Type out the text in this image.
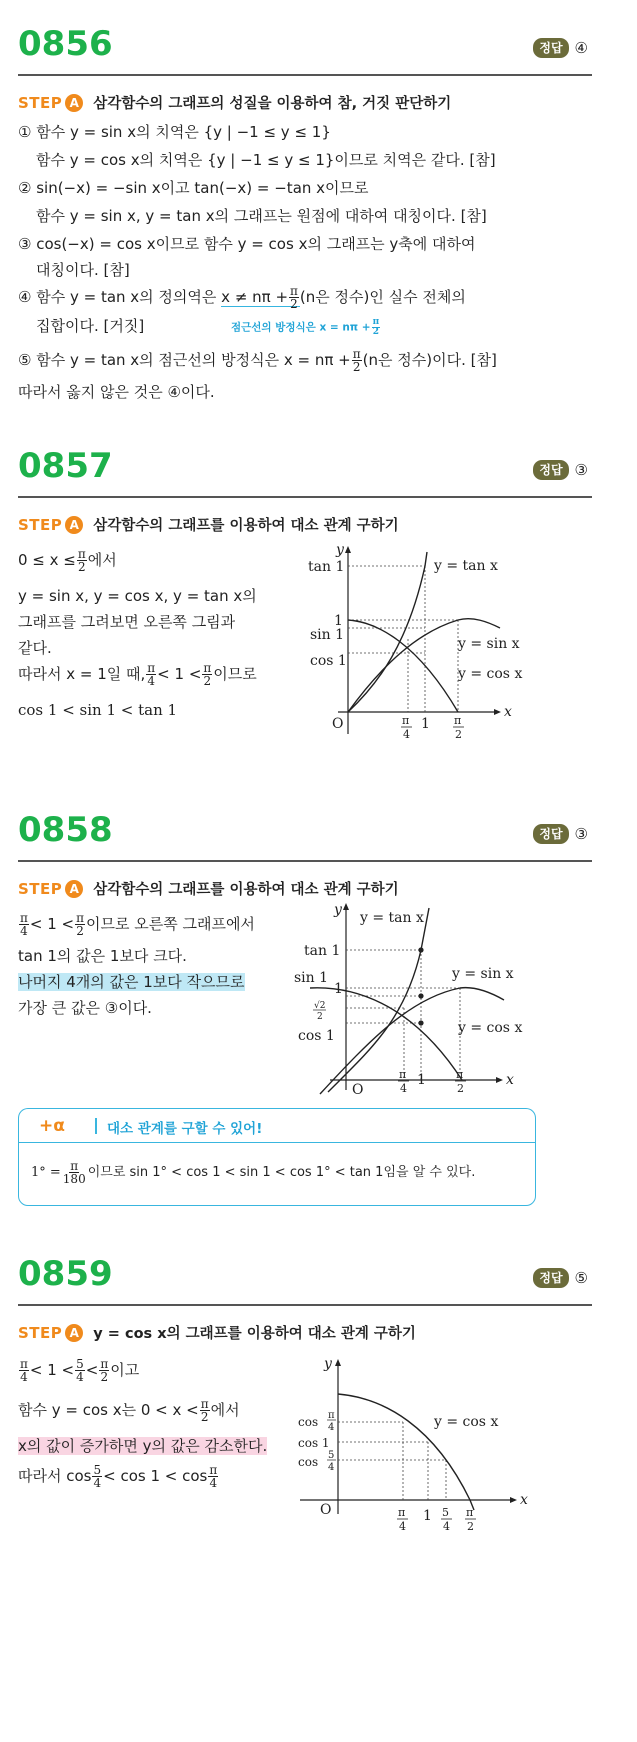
0856	정답 ④
STEP A 삼각함수의 그래프의 성질을 이용하여 참, 거짓 판단하기
① 함수 y = sin x의 치역은 {y | −1 ≤ y ≤ 1}
함수 y = cos x의 치역은 {y | −1 ≤ y ≤ 1}이므로 치역은 같다. [참]
② sin(−x) = −sin x이고 tan(−x) = −tan x이므로
함수 y = sin x, y = tan x의 그래프는 원점에 대하여 대칭이다. [참]
③ cos(−x) = cos x이므로 함수 y = cos x의 그래프는 y축에 대하여
대칭이다. [참]
④ 함수 y = tan x의 정의역은 $x \ne n\pi + \frac{\pi}{2} (n$은 정수)인 실수 전체의
집합이다. [거짓]	점근선의 방정식은 $x = n\pi + \frac{\pi}{2}$
⑤ 함수 y = tan x의 점근선의 방정식은 $x = n\pi + \frac{\pi}{2} (n$은 정수)이다. [참]
따라서 옳지 않은 것은 ④이다.
0857	정답 ③
STEP A 삼각함수의 그래프를 이용하여 대소 관계 구하기
$0 \le x \le \frac{\pi}{2}$ 에서
y = sin x, y = cos x, y = tan x의
그래프를 그려보면 오른쪽 그림과
같다.
따라서 x = 1일 때, $\frac{\pi}{4} < 1 < \frac{\pi}{2}$ 이므로
cos 1 < sin 1 < tan 1
y
x
O
tan 1
1
sin 1
cos 1
y = tan x
y = sin x
y = cos x
π
4
1 π
2
0858	정답 ③
STEP A 삼각함수의 그래프를 이용하여 대소 관계 구하기
$\frac{\pi}{4} < 1 < \frac{\pi}{2}$ 이므로 오른쪽 그래프에서
tan 1의 값은 1보다 크다.
나머지 4개의 값은 1보다 작으므로
가장 큰 값은 ③이다.
y
x
O
tan 1
sin 1
1
√2
2
cos 1
y = tan x
y = sin x
y = cos x
π
4
1	π
2
+α	대소 관계를 구할 수 있어!
$1^\circ = \frac{\pi}{180}$ 이므로 sin 1° < cos 1 < sin 1 < cos 1° < tan 1임을 알 수 있다.
0859	정답 ⑤
STEP A y = cos x의 그래프를 이용하여 대소 관계 구하기
$\frac{\pi}{4} < 1 < \frac{5}{4} < \frac{\pi}{2}$ 이고
함수 y = cos x는 $0 < x < \frac{\pi}{2}$ 에서
x의 값이 증가하면 y의 값은 감소한다.
따라서 $\cos \frac{5}{4} < \cos 1 < \cos \frac{\pi}{4}$
y
x
O
cos π
4
cos 1
cos 5
4
y = cos x
π
4
1 5
4
π
2
